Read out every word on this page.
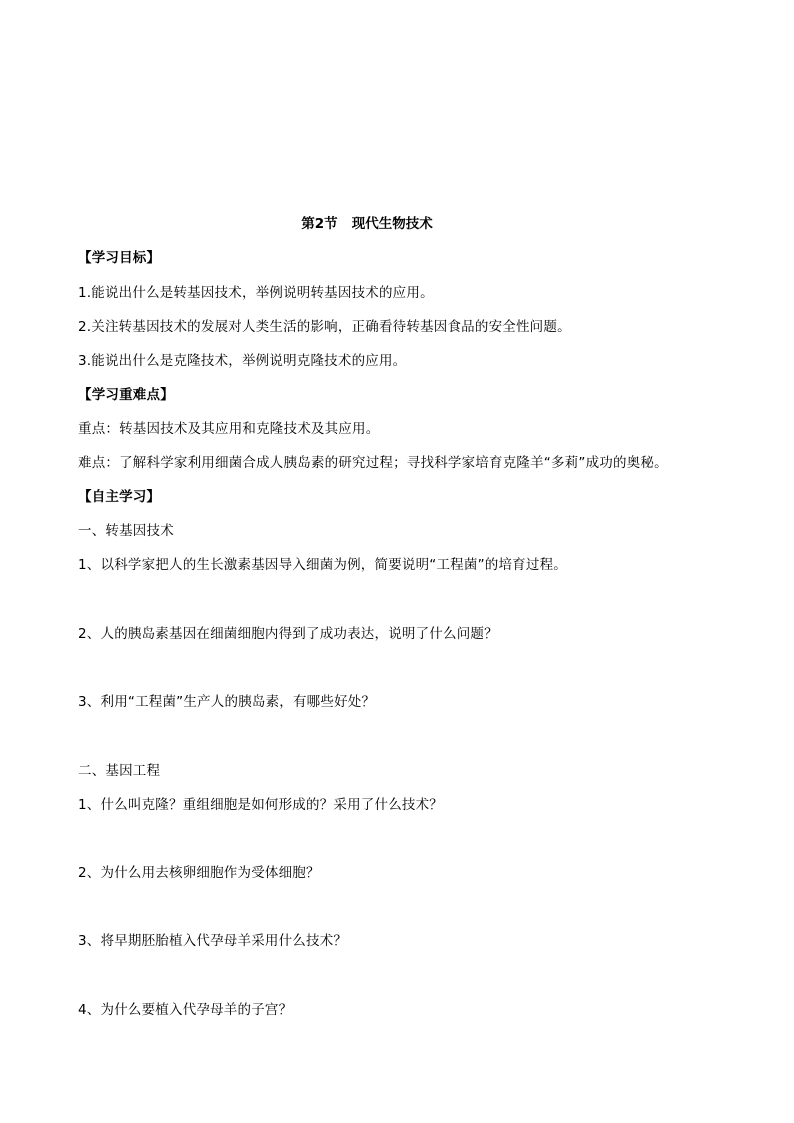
第2节   现代生物技术
【学习目标】
1.能说出什么是转基因技术，举例说明转基因技术的应用。
2.关注转基因技术的发展对人类生活的影响，正确看待转基因食品的安全性问题。
3.能说出什么是克隆技术，举例说明克隆技术的应用。
【学习重难点】
重点：转基因技术及其应用和克隆技术及其应用。
难点：了解科学家利用细菌合成人胰岛素的研究过程；寻找科学家培育克隆羊“多莉”成功的奥秘。
【自主学习】
一、转基因技术
1、以科学家把人的生长激素基因导入细菌为例，简要说明“工程菌”的培育过程。
2、人的胰岛素基因在细菌细胞内得到了成功表达，说明了什么问题？
3、利用“工程菌”生产人的胰岛素，有哪些好处？
二、基因工程
1、什么叫克隆？重组细胞是如何形成的？采用了什么技术？
2、为什么用去核卵细胞作为受体细胞？
3、将早期胚胎植入代孕母羊采用什么技术？
4、为什么要植入代孕母羊的子宫？
